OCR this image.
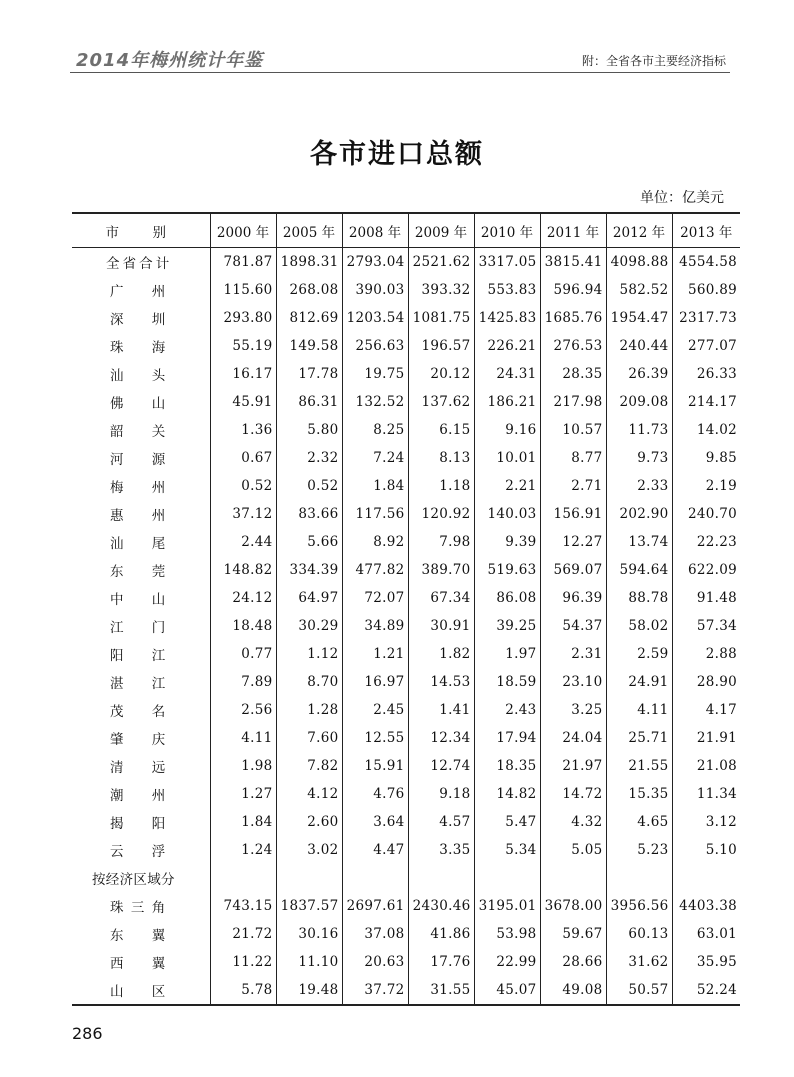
2014年梅州统计年鉴	附：全省各市主要经济指标
各市进口总额
单位：亿美元
市　别	2000 年	2005 年	2008 年	2009 年	2010 年	2011 年	2012 年	2013 年
全省合计	781.87	1898.31	2793.04	2521.62	3317.05	3815.41	4098.88	4554.58
广州	115.60	268.08	390.03	393.32	553.83	596.94	582.52	560.89
深圳	293.80	812.69	1203.54	1081.75	1425.83	1685.76	1954.47	2317.73
珠海	55.19	149.58	256.63	196.57	226.21	276.53	240.44	277.07
汕头	16.17	17.78	19.75	20.12	24.31	28.35	26.39	26.33
佛山	45.91	86.31	132.52	137.62	186.21	217.98	209.08	214.17
韶关	1.36	5.80	8.25	6.15	9.16	10.57	11.73	14.02
河源	0.67	2.32	7.24	8.13	10.01	8.77	9.73	9.85
梅州	0.52	0.52	1.84	1.18	2.21	2.71	2.33	2.19
惠州	37.12	83.66	117.56	120.92	140.03	156.91	202.90	240.70
汕尾	2.44	5.66	8.92	7.98	9.39	12.27	13.74	22.23
东莞	148.82	334.39	477.82	389.70	519.63	569.07	594.64	622.09
中山	24.12	64.97	72.07	67.34	86.08	96.39	88.78	91.48
江门	18.48	30.29	34.89	30.91	39.25	54.37	58.02	57.34
阳江	0.77	1.12	1.21	1.82	1.97	2.31	2.59	2.88
湛江	7.89	8.70	16.97	14.53	18.59	23.10	24.91	28.90
茂名	2.56	1.28	2.45	1.41	2.43	3.25	4.11	4.17
肇庆	4.11	7.60	12.55	12.34	17.94	24.04	25.71	21.91
清远	1.98	7.82	15.91	12.74	18.35	21.97	21.55	21.08
潮州	1.27	4.12	4.76	9.18	14.82	14.72	15.35	11.34
揭阳	1.84	2.60	3.64	4.57	5.47	4.32	4.65	3.12
云浮	1.24	3.02	4.47	3.35	5.34	5.05	5.23	5.10
按经济区域分								
珠三角	743.15	1837.57	2697.61	2430.46	3195.01	3678.00	3956.56	4403.38
东翼	21.72	30.16	37.08	41.86	53.98	59.67	60.13	63.01
西翼	11.22	11.10	20.63	17.76	22.99	28.66	31.62	35.95
山区	5.78	19.48	37.72	31.55	45.07	49.08	50.57	52.24
286
